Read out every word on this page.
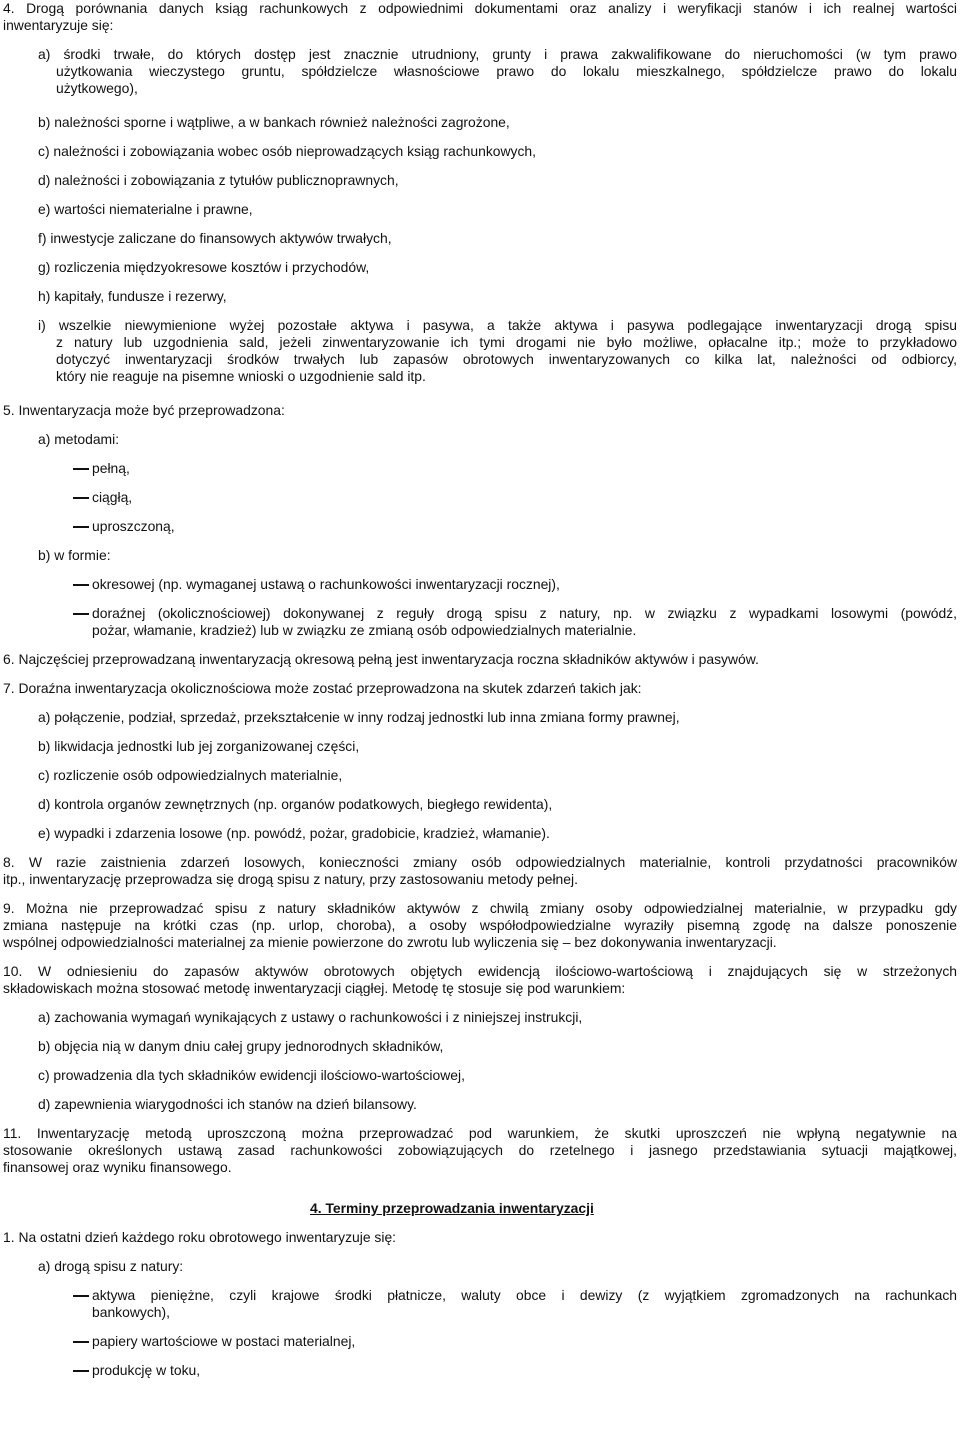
4. Drogą porównania danych ksiąg rachunkowych z odpowiednimi dokumentami oraz analizy i weryfikacji stanów i ich realnej wartości
inwentaryzuje się:
a) środki trwałe, do których dostęp jest znacznie utrudniony, grunty i prawa zakwalifikowane do nieruchomości (w tym prawo
użytkowania wieczystego gruntu, spółdzielcze własnościowe prawo do lokalu mieszkalnego, spółdzielcze prawo do lokalu
użytkowego),
b) należności sporne i wątpliwe, a w bankach również należności zagrożone,
c) należności i zobowiązania wobec osób nieprowadzących ksiąg rachunkowych,
d) należności i zobowiązania z tytułów publicznoprawnych,
e) wartości niematerialne i prawne,
f) inwestycje zaliczane do finansowych aktywów trwałych,
g) rozliczenia międzyokresowe kosztów i przychodów,
h) kapitały, fundusze i rezerwy,
i) wszelkie niewymienione wyżej pozostałe aktywa i pasywa, a także aktywa i pasywa podlegające inwentaryzacji drogą spisu
z natury lub uzgodnienia sald, jeżeli zinwentaryzowanie ich tymi drogami nie było możliwe, opłacalne itp.; może to przykładowo
dotyczyć inwentaryzacji środków trwałych lub zapasów obrotowych inwentaryzowanych co kilka lat, należności od odbiorcy,
który nie reaguje na pisemne wnioski o uzgodnienie sald itp.
5. Inwentaryzacja może być przeprowadzona:
a) metodami:
pełną,
ciągłą,
uproszczoną,
b) w formie:
okresowej (np. wymaganej ustawą o rachunkowości inwentaryzacji rocznej),
doraźnej (okolicznościowej) dokonywanej z reguły drogą spisu z natury, np. w związku z wypadkami losowymi (powódź,
pożar, włamanie, kradzież) lub w związku ze zmianą osób odpowiedzialnych materialnie.
6. Najczęściej przeprowadzaną inwentaryzacją okresową pełną jest inwentaryzacja roczna składników aktywów i pasywów.
7. Doraźna inwentaryzacja okolicznościowa może zostać przeprowadzona na skutek zdarzeń takich jak:
a) połączenie, podział, sprzedaż, przekształcenie w inny rodzaj jednostki lub inna zmiana formy prawnej,
b) likwidacja jednostki lub jej zorganizowanej części,
c) rozliczenie osób odpowiedzialnych materialnie,
d) kontrola organów zewnętrznych (np. organów podatkowych, biegłego rewidenta),
e) wypadki i zdarzenia losowe (np. powódź, pożar, gradobicie, kradzież, włamanie).
8. W razie zaistnienia zdarzeń losowych, konieczności zmiany osób odpowiedzialnych materialnie, kontroli przydatności pracowników
itp., inwentaryzację przeprowadza się drogą spisu z natury, przy zastosowaniu metody pełnej.
9. Można nie przeprowadzać spisu z natury składników aktywów z chwilą zmiany osoby odpowiedzialnej materialnie, w przypadku gdy
zmiana następuje na krótki czas (np. urlop, choroba), a osoby współodpowiedzialne wyraziły pisemną zgodę na dalsze ponoszenie
wspólnej odpowiedzialności materialnej za mienie powierzone do zwrotu lub wyliczenia się – bez dokonywania inwentaryzacji.
10. W odniesieniu do zapasów aktywów obrotowych objętych ewidencją ilościowo-wartościową i znajdujących się w strzeżonych
składowiskach można stosować metodę inwentaryzacji ciągłej. Metodę tę stosuje się pod warunkiem:
a) zachowania wymagań wynikających z ustawy o rachunkowości i z niniejszej instrukcji,
b) objęcia nią w danym dniu całej grupy jednorodnych składników,
c) prowadzenia dla tych składników ewidencji ilościowo-wartościowej,
d) zapewnienia wiarygodności ich stanów na dzień bilansowy.
11. Inwentaryzację metodą uproszczoną można przeprowadzać pod warunkiem, że skutki uproszczeń nie wpłyną negatywnie na
stosowanie określonych ustawą zasad rachunkowości zobowiązujących do rzetelnego i jasnego przedstawiania sytuacji majątkowej,
finansowej oraz wyniku finansowego.
4. Terminy przeprowadzania inwentaryzacji
1. Na ostatni dzień każdego roku obrotowego inwentaryzuje się:
a) drogą spisu z natury:
aktywa pieniężne, czyli krajowe środki płatnicze, waluty obce i dewizy (z wyjątkiem zgromadzonych na rachunkach
bankowych),
papiery wartościowe w postaci materialnej,
produkcję w toku,
